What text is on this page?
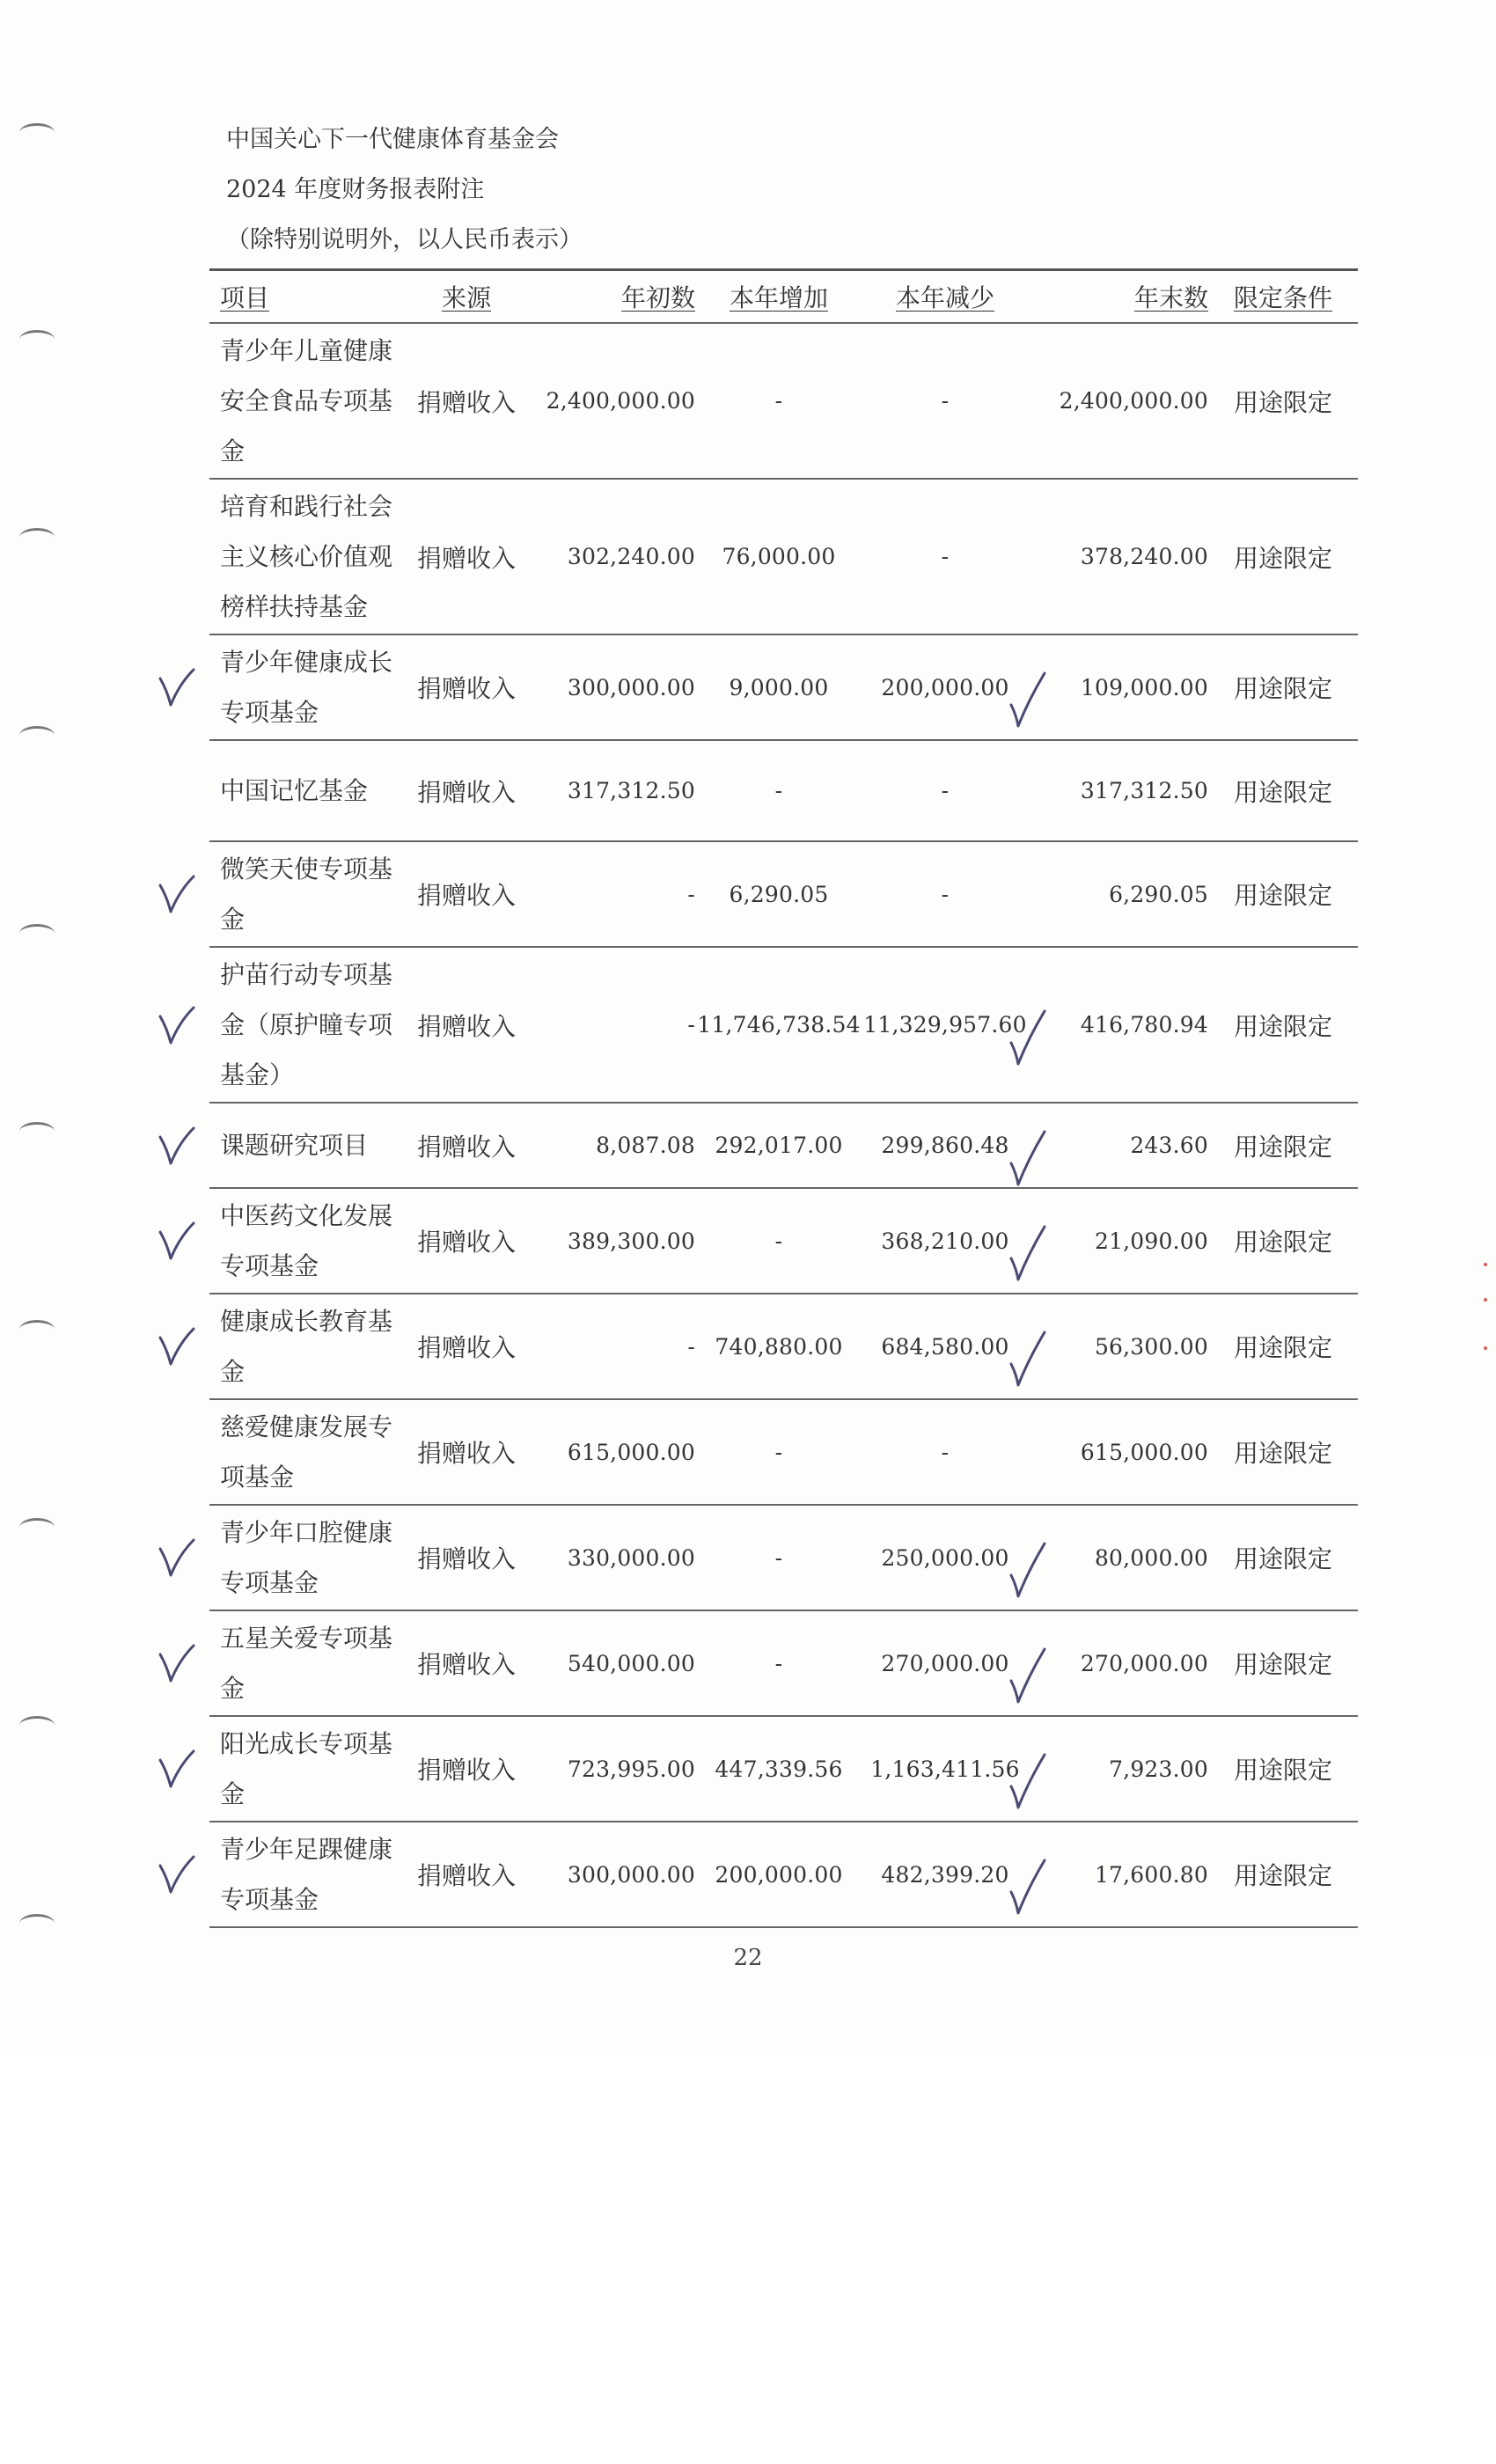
中国关心下一代健康体育基金会
2024 年度财务报表附注
（除特别说明外，以人民币表示）
项目	来源	年初数	本年增加	本年减少	年末数	限定条件
青少年儿童健康
安全食品专项基
金
捐赠收入	2,400,000.00	-	-	2,400,000.00	用途限定
培育和践行社会
主义核心价值观
榜样扶持基金
捐赠收入	302,240.00	76,000.00	-	378,240.00	用途限定
青少年健康成长
专项基金
捐赠收入	300,000.00	9,000.00	200,000.00	109,000.00	用途限定
中国记忆基金	捐赠收入	317,312.50	-	-	317,312.50	用途限定
微笑天使专项基
金
捐赠收入	-	6,290.05	-	6,290.05	用途限定
护苗行动专项基
金（原护瞳专项
基金）
捐赠收入	- 11,746,738.54 11,329,957.60	416,780.94	用途限定
课题研究项目	捐赠收入	8,087.08 292,017.00	299,860.48	243.60	用途限定
中医药文化发展
专项基金
捐赠收入	389,300.00	-	368,210.00	21,090.00	用途限定
健康成长教育基
金
捐赠收入	- 740,880.00	684,580.00	56,300.00	用途限定
慈爱健康发展专
项基金
捐赠收入	615,000.00	-	-	615,000.00	用途限定
青少年口腔健康
专项基金
捐赠收入	330,000.00	-	250,000.00	80,000.00	用途限定
五星关爱专项基
金
捐赠收入	540,000.00	-	270,000.00	270,000.00	用途限定
阳光成长专项基
金
捐赠收入	723,995.00 447,339.56	1,163,411.56	7,923.00	用途限定
青少年足踝健康
专项基金
捐赠收入	300,000.00 200,000.00	482,399.20	17,600.80	用途限定
22
